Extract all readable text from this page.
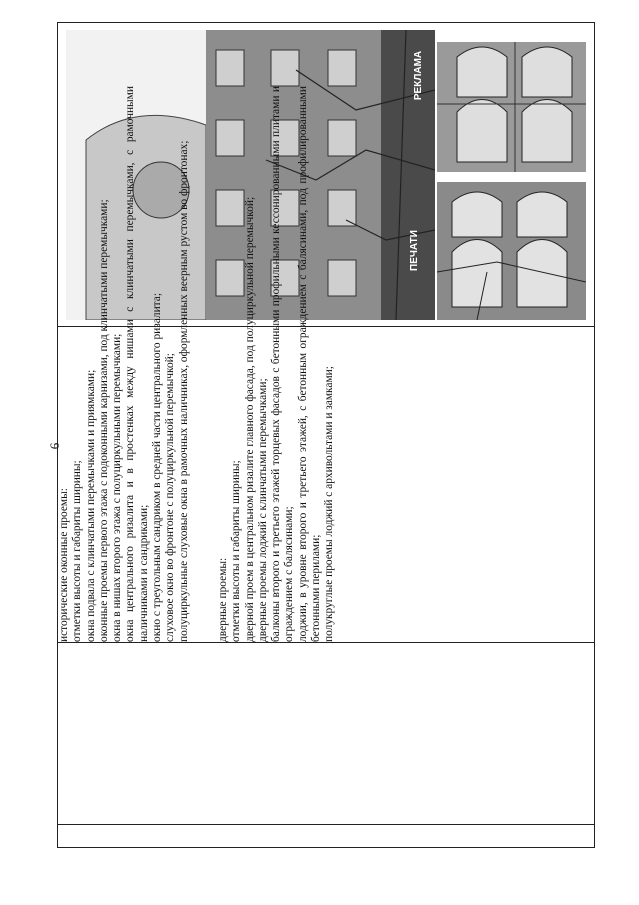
6
ПЕЧАТИ
РЕКЛАМА

исторические оконные проемы: отметки высоты и габариты ширины; окна подвала с клинчатыми перемычками и приямками; оконные проемы первого этажа с подоконными карнизами, под клинчатыми перемычками; окна в нишах второго этажа с полуциркульными перемычками; окна центрального ризалита и в простенках между нишами с клинчатыми перемычками, с рамочными наличниками и сандриками; окно с треугольным сандриком в средней части центрального ризалита; слуховое окно во фронтоне с полуциркульной перемычкой; полуциркульные слуховые окна в рамочных наличниках, оформленных веерным рустом во фронтонах; дверные проемы: отметки высоты и габариты ширины; дверной проем в центральном ризалите главного фасада, под полуциркульной перемычкой; дверные проемы лоджий с клинчатыми перемычками; балконы второго и третьего этажей торцевых фасадов с бетонными профильными кессонированными плитами и ограждением с балясинами; лоджии, в уровне второго и третьего этажей, с бетонным ограждением с балясинами, под профилированными бетонными перилами; полукруглые проемы лоджий с архивольтами и замками;
